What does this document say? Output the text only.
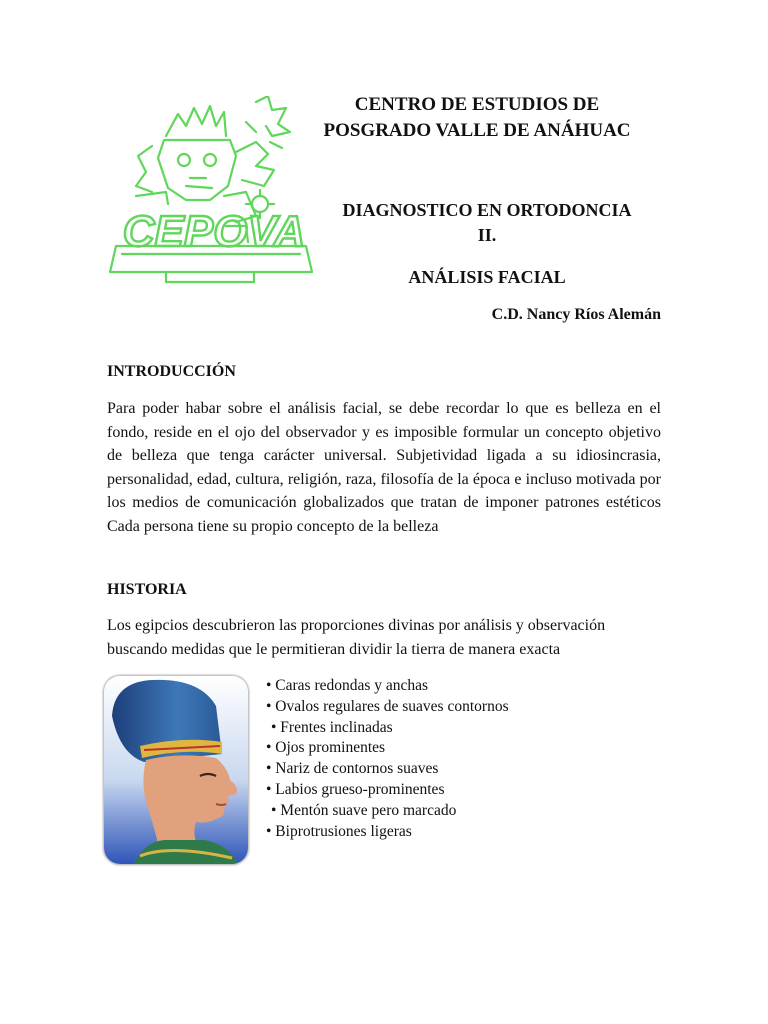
CEPOVA
CENTRO DE ESTUDIOS DE
POSGRADO VALLE DE ANÁHUAC
DIAGNOSTICO EN ORTODONCIA
II.
ANÁLISIS FACIAL
C.D. Nancy Ríos Alemán
INTRODUCCIÓN

Para poder habar sobre el análisis facial, se debe recordar lo que es belleza en el fondo, reside en el ojo del observador y es imposible formular un concepto objetivo de belleza que tenga carácter universal. Subjetividad ligada a su idiosincrasia, personalidad, edad, cultura, religión, raza, filosofía de la época e incluso motivada por los medios de comunicación globalizados que tratan de imponer patrones estéticos Cada persona tiene su propio concepto de la belleza

HISTORIA

Los egipcios descubrieron las proporciones divinas por análisis y observación buscando medidas que le permitieran dividir la tierra de manera exacta

• Caras redondas y anchas
• Ovalos regulares de suaves contornos
• Frentes inclinadas
• Ojos prominentes
• Nariz de contornos suaves
• Labios grueso-prominentes
• Mentón suave pero marcado
• Biprotrusiones ligeras
